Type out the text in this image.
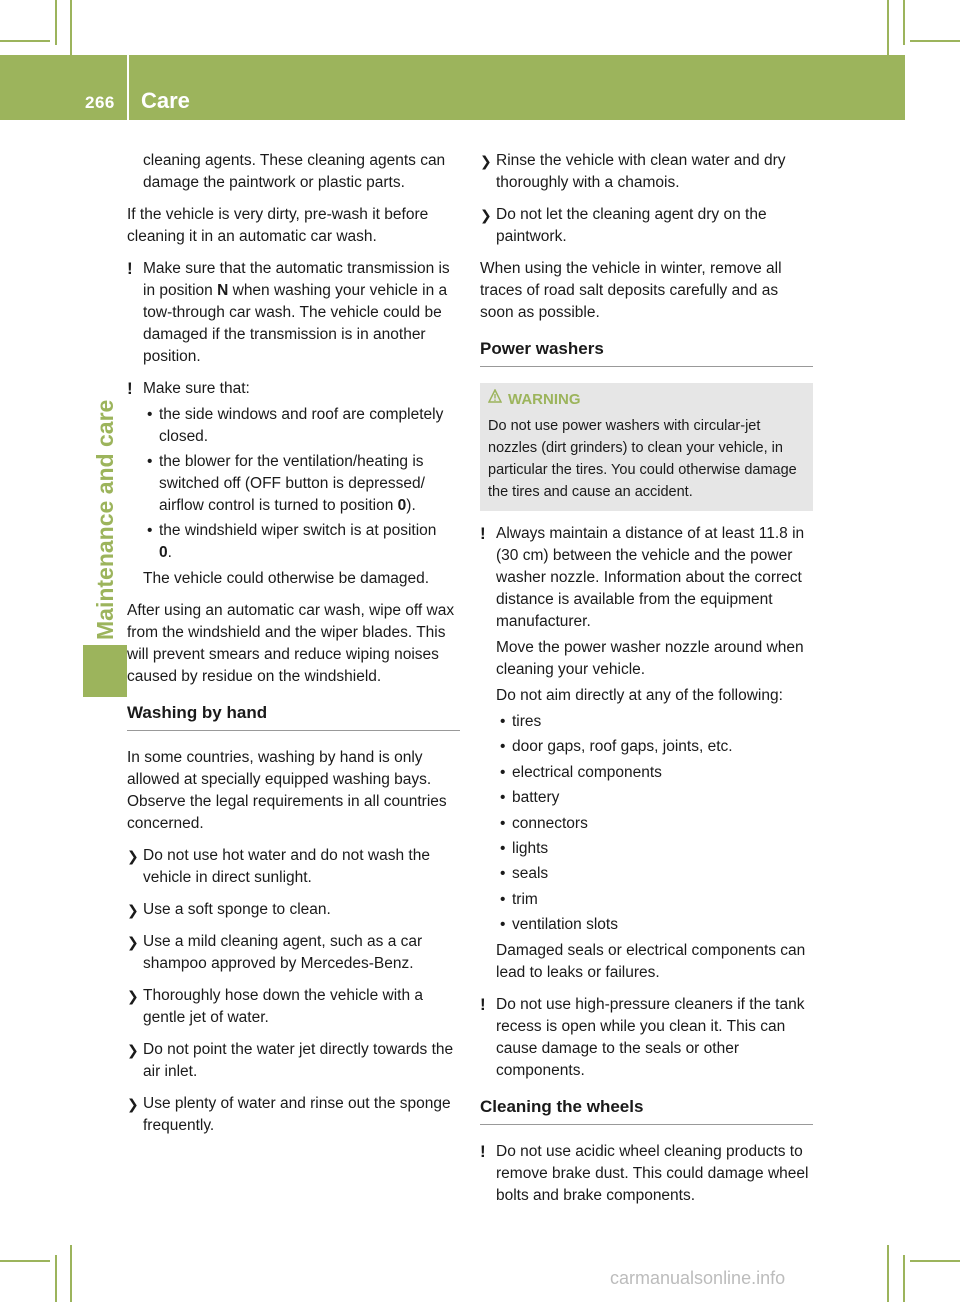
266 Care
Maintenance and care

cleaning agents. These cleaning agents can damage the paintwork or plastic parts.

If the vehicle is very dirty, pre-wash it before cleaning it in an automatic car wash.

! Make sure that the automatic transmission is in position N when washing your vehicle in a tow-through car wash. The vehicle could be damaged if the transmission is in another position.
! Make sure that:
• the side windows and roof are completely closed.
• the blower for the ventilation/heating is switched off (OFF button is depressed/ airflow control is turned to position 0).
• the windshield wiper switch is at position
0.

The vehicle could otherwise be damaged.

After using an automatic car wash, wipe off wax from the windshield and the wiper blades. This will prevent smears and reduce wiping noises caused by residue on the windshield.

Washing by hand

In some countries, washing by hand is only allowed at specially equipped washing bays. Observe the legal requirements in all countries concerned.

❯ Do not use hot water and do not wash the vehicle in direct sunlight.
❯ Use a soft sponge to clean.
❯ Use a mild cleaning agent, such as a car shampoo approved by Mercedes-Benz.
❯ Thoroughly hose down the vehicle with a gentle jet of water.
❯ Do not point the water jet directly towards the air inlet.
❯ Use plenty of water and rinse out the sponge frequently.
❯ Rinse the vehicle with clean water and dry thoroughly with a chamois.
❯ Do not let the cleaning agent dry on the paintwork.

When using the vehicle in winter, remove all traces of road salt deposits carefully and as soon as possible.

Power washers
WARNING
Do not use power washers with circular-jet nozzles (dirt grinders) to clean your vehicle, in particular the tires. You could otherwise damage the tires and cause an accident.
! Always maintain a distance of at least 11.8 in (30 cm) between the vehicle and the power washer nozzle. Information about the correct distance is available from the equipment manufacturer.

Move the power washer nozzle around when cleaning your vehicle.

Do not aim directly at any of the following:

• tires
• door gaps, roof gaps, joints, etc.
• electrical components
• battery
• connectors
• lights
• seals
• trim
• ventilation slots

Damaged seals or electrical components can lead to leaks or failures.

! Do not use high-pressure cleaners if the tank recess is open while you clean it. This can cause damage to the seals or other components.
Cleaning the wheels
! Do not use acidic wheel cleaning products to remove brake dust. This could damage wheel bolts and brake components.
carmanualsonline.info
